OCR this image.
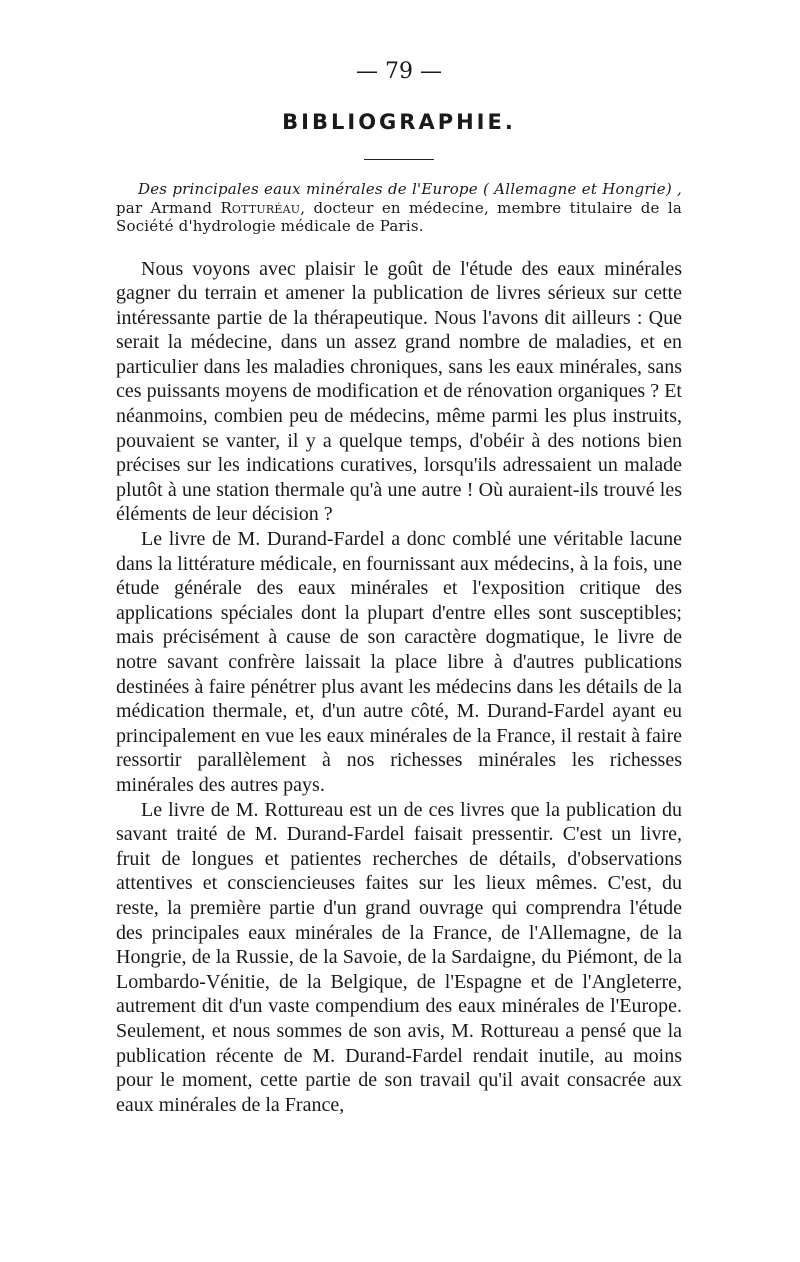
— 79 —
BIBLIOGRAPHIE.
Des principales eaux minérales de l'Europe ( Allemagne et Hongrie) , par Armand Rotturéau, docteur en médecine, membre titulaire de la Société d'hydrologie médicale de Paris.

Nous voyons avec plaisir le goût de l'étude des eaux minérales gagner du terrain et amener la publication de livres sérieux sur cette intéressante partie de la thérapeutique. Nous l'avons dit ailleurs : Que serait la médecine, dans un assez grand nombre de maladies, et en particulier dans les maladies chroniques, sans les eaux minérales, sans ces puissants moyens de modification et de rénovation organiques ? Et néanmoins, combien peu de médecins, même parmi les plus instruits, pouvaient se vanter, il y a quelque temps, d'obéir à des notions bien précises sur les indications curatives, lorsqu'ils adressaient un malade plutôt à une station thermale qu'à une autre ! Où auraient-ils trouvé les éléments de leur décision ?

Le livre de M. Durand-Fardel a donc comblé une véritable lacune dans la littérature médicale, en fournissant aux médecins, à la fois, une étude générale des eaux minérales et l'exposition critique des applications spéciales dont la plupart d'entre elles sont susceptibles; mais précisément à cause de son caractère dogmatique, le livre de notre savant confrère laissait la place libre à d'autres publications destinées à faire pénétrer plus avant les médecins dans les détails de la médication thermale, et, d'un autre côté, M. Durand-Fardel ayant eu principalement en vue les eaux minérales de la France, il restait à faire ressortir parallèlement à nos richesses minérales les richesses minérales des autres pays.

Le livre de M. Rottureau est un de ces livres que la publication du savant traité de M. Durand-Fardel faisait pressentir. C'est un livre, fruit de longues et patientes recherches de détails, d'observations attentives et consciencieuses faites sur les lieux mêmes. C'est, du reste, la première partie d'un grand ouvrage qui comprendra l'étude des principales eaux minérales de la France, de l'Allemagne, de la Hongrie, de la Russie, de la Savoie, de la Sardaigne, du Piémont, de la Lombardo-Vénitie, de la Belgique, de l'Espagne et de l'Angleterre, autrement dit d'un vaste compendium des eaux minérales de l'Europe. Seulement, et nous sommes de son avis, M. Rottureau a pensé que la publication récente de M. Durand-Fardel rendait inutile, au moins pour le moment, cette partie de son travail qu'il avait consacrée aux eaux minérales de la France,
